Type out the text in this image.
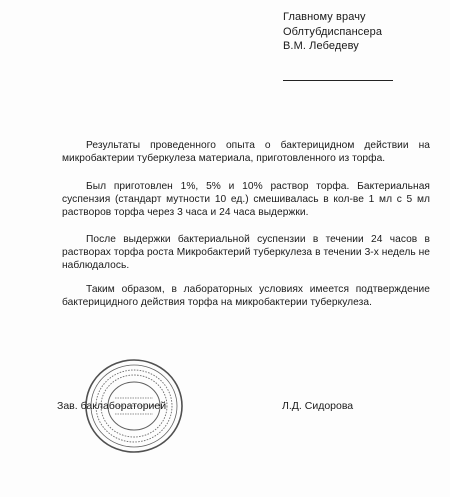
Главному врачу
Облтубдиспансера
В.М. Лебедеву

Результаты проведенного опыта о бактерицидном действии на микробактерии туберкулеза материала, приготовленного из торфа.

Был приготовлен 1%, 5% и 10% раствор торфа. Бактериальная суспензия (стандарт мутности 10 ед.) смешивалась в кол-ве 1 мл с 5 мл растворов торфа через 3 часа и 24 часа выдержки.

После выдержки бактериальной суспензии в течении 24 часов в растворах торфа роста Микробактерий туберкулеза в течении 3-х недель не наблюдалось.

Таким образом, в лабораторных условиях имеется подтверждение бактерицидного действия торфа на микробактерии туберкулеза.

Зав. баклабораторией	Л.Д. Сидорова
